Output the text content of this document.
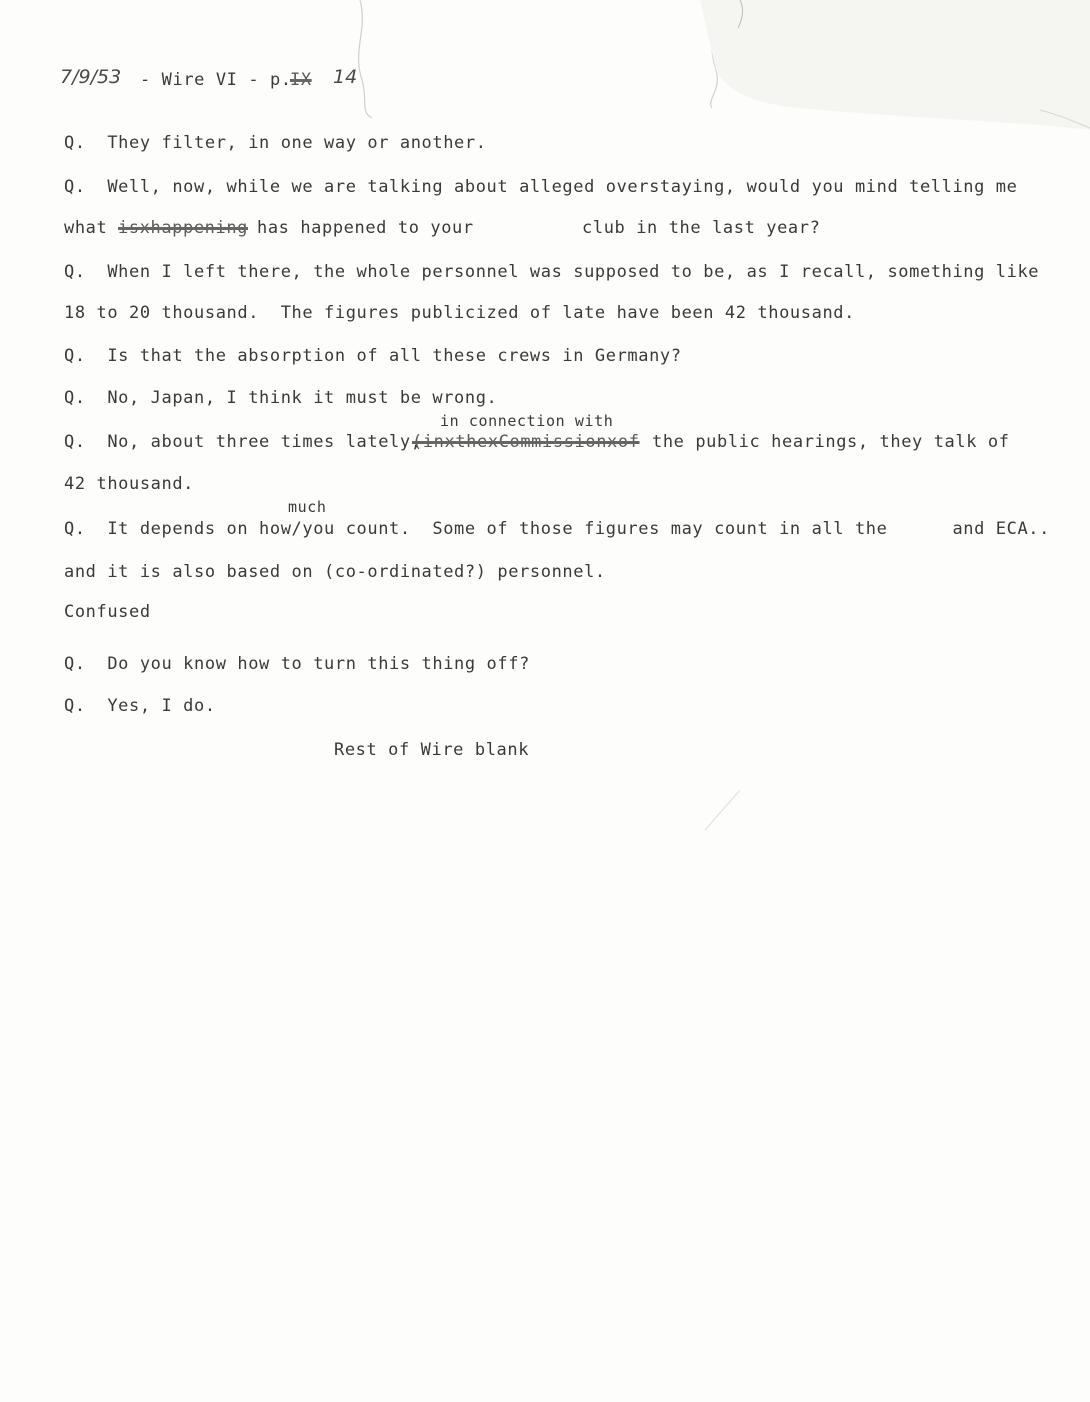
7/9/53 - Wire VI - p.
IX 14
Q.  They filter, in one way or another.
Q.  Well, now, while we are talking about alleged overstaying, would you mind telling me
what isxhappening has happened to your          club in the last year?
Q.  When I left there, the whole personnel was supposed to be, as I recall, something like
18 to 20 thousand.  The figures publicized of late have been 42 thousand.
Q.  Is that the absorption of all these crews in Germany?
Q.  No, Japan, I think it must be wrong.
in connection with
Q.  No, about three times lately,
(inxthexCommissionxof the public hearings, they talk of
42 thousand.
much
Q.  It depends on how/you count.  Some of those figures may count in all the      and ECA..
and it is also based on (co-ordinated?) personnel.
Confused
Q.  Do you know how to turn this thing off?
Q.  Yes, I do.
Rest of Wire blank
